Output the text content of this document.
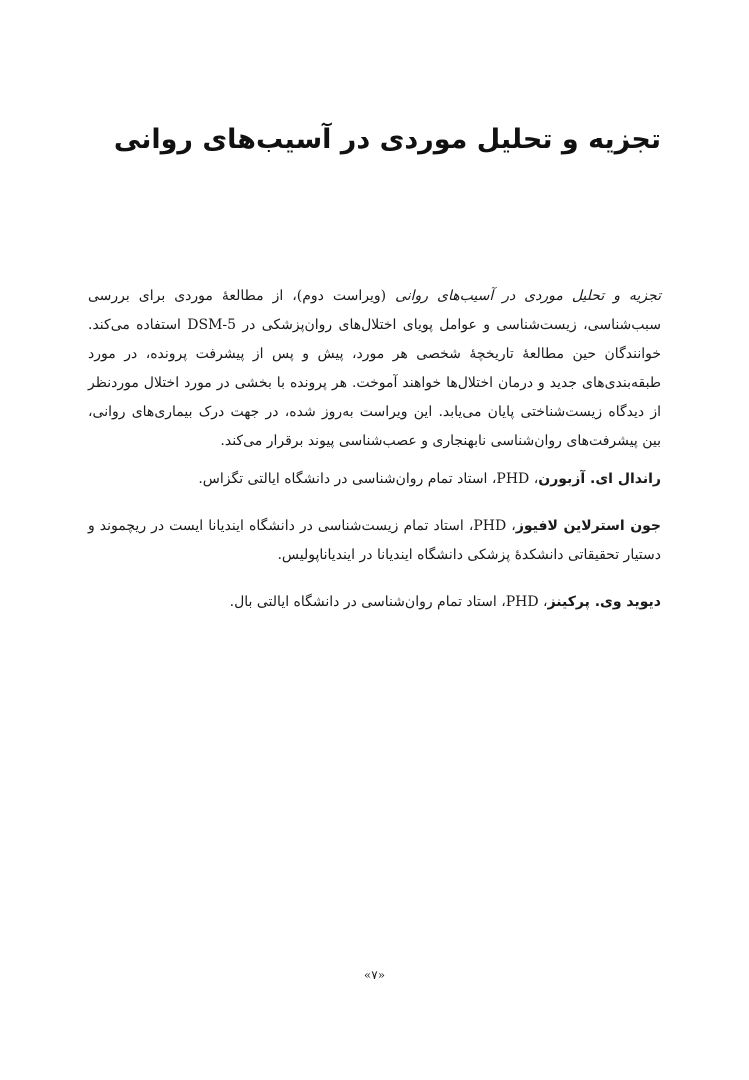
تجزیه و تحلیل موردی در آسیب‌های روانی

تجزیه و تحلیل موردی در آسیب‌های روانی (ویراست دوم)، از مطالعهٔ موردی برای بررسی سبب‌شناسی، زیست‌شناسی و عوامل پویای اختلال‌های روان‌پزشکی در DSM-5 استفاده می‌کند. خوانندگان حین مطالعهٔ تاریخچهٔ شخصی هر مورد، پیش و پس از پیشرفت پرونده، در مورد طبقه‌بندی‌های جدید و درمان اختلال‌ها خواهند آموخت. هر پرونده با بخشی در مورد اختلال موردنظر از دیدگاه زیست‌شناختی پایان می‌یابد. این ویراست به‌روز شده، در جهت درک بیماری‌های روانی، بین پیشرفت‌های روان‌شناسی نابهنجاری و عصب‌شناسی پیوند برقرار می‌کند.

راندال ای. آزبورن، PHD، استاد تمام روان‌شناسی در دانشگاه ایالتی تگزاس.

جون استرلاین لافیوز، PHD، استاد تمام زیست‌شناسی در دانشگاه ایندیانا ایست در ریچموند و دستیار تحقیقاتی دانشکدهٔ پزشکی دانشگاه ایندیانا در ایندیاناپولیس.

دیوید وی. پرکینز، PHD، استاد تمام روان‌شناسی در دانشگاه ایالتی بال.

«۷»
